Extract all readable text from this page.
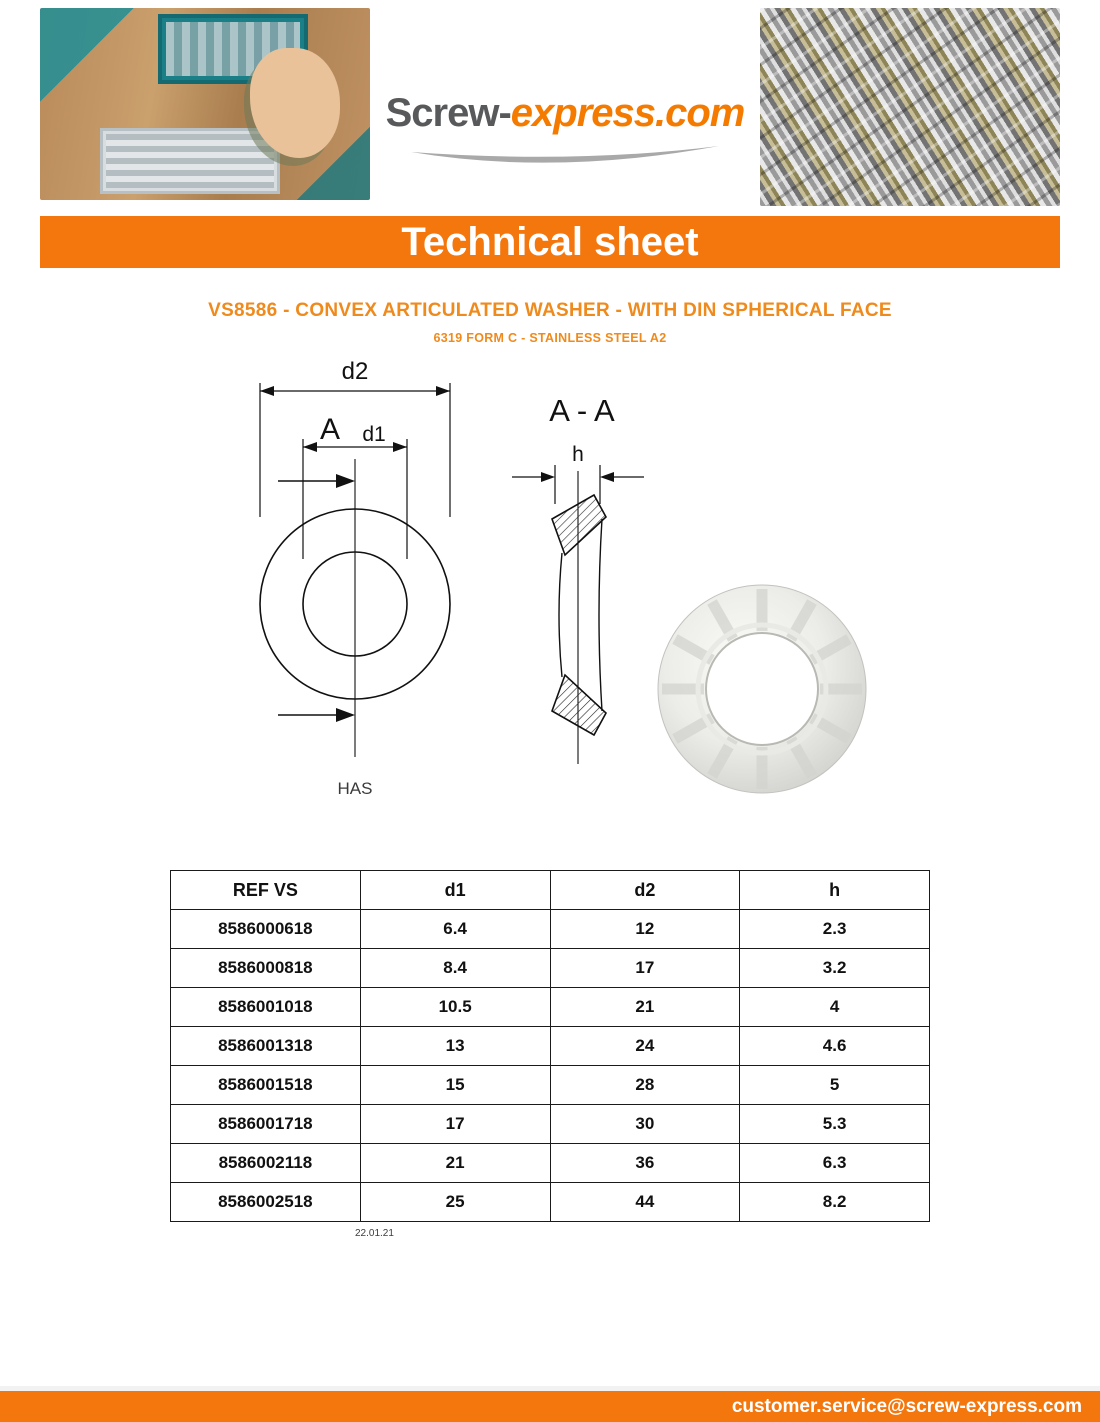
Screw-express.com
Technical sheet
VS8586 - CONVEX ARTICULATED WASHER - WITH DIN SPHERICAL FACE
6319 FORM C - STAINLESS STEEL A2
d2
A d1
HAS
A - A
h
REF VS	d1	d2	h
8586000618	6.4	12	2.3
8586000818	8.4	17	3.2
8586001018	10.5	21	4
8586001318	13	24	4.6
8586001518	15	28	5
8586001718	17	30	5.3
8586002118	21	36	6.3
8586002518	25	44	8.2
22.01.21
customer.service@screw-express.com
